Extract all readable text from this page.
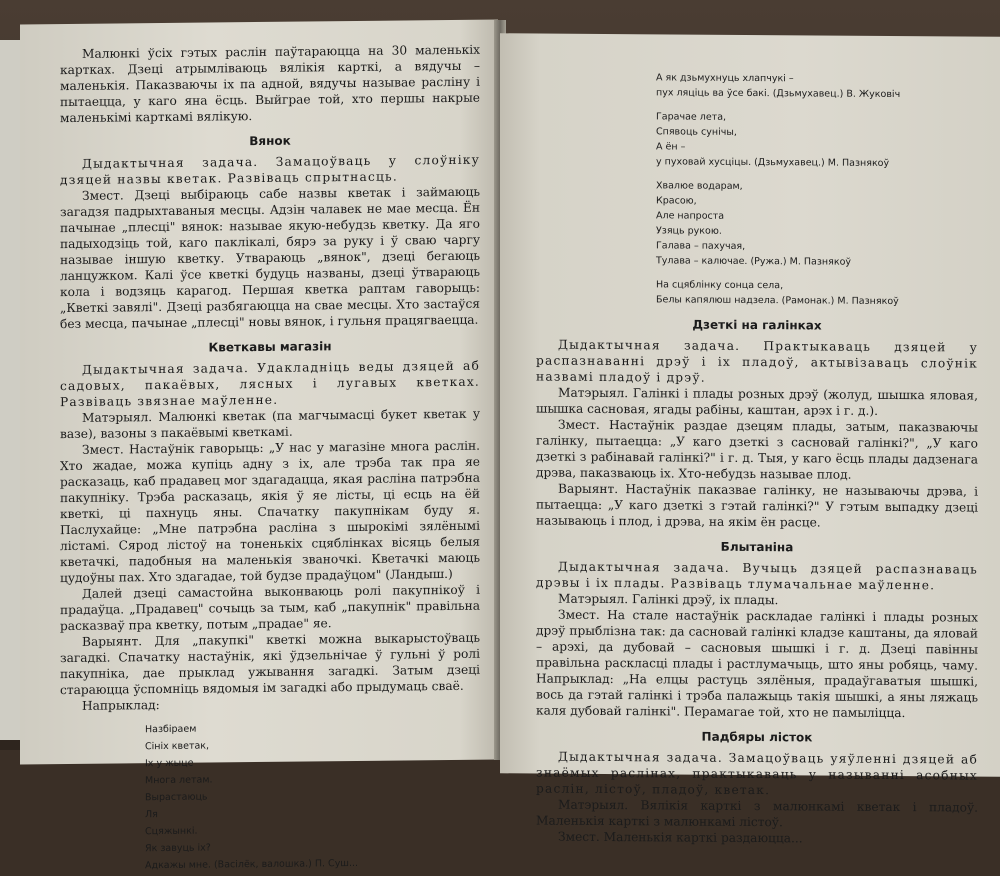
Малюнкі ўсіх гэтых раслін паўтараюцца на 30 маленькіх картках. Дзеці атрымліваюць вялікія карткі, а вядучы – маленькія. Паказваючы іх па адной, вядучы называе расліну і пытаецца, у каго яна ёсць. Выйграе той, хто першы накрые маленькімі карткамі вялікую.

Вянок

Дыдактычная задача. Замацоўваць у слоўніку дзяцей назвы кветак. Развіваць спрытнасць.

Змест. Дзеці выбіраюць сабе назвы кветак і займаюць загадзя падрыхтаваныя месцы. Адзін чалавек не мае месца. Ён пачынае „плесці" вянок: называе якую-небудзь кветку. Да яго падыходзіць той, каго паклікалі, бярэ за руку і ў сваю чаргу называе іншую кветку. Утвараюць „вянок", дзеці бегаюць ланцужком. Калі ўсе кветкі будуць названы, дзеці ўтвараюць кола і водзяць карагод. Першая кветка раптам гаворыць: „Кветкі завялі". Дзеці разбягаюцца на свае месцы. Хто застаўся без месца, пачынае „плесці" новы вянок, і гульня працягваецца.

Кветкавы магазін

Дыдактычная задача. Удакладніць веды дзяцей аб садовых, пакаёвых, лясных і лугавых кветках. Развіваць звязнае маўленне.

Матэрыял. Малюнкі кветак (па магчымасці букет кветак у вазе), вазоны з пакаёвымі кветкамі.

Змест. Настаўнік гаворыць: „У нас у магазіне многа раслін. Хто жадае, можа купіць адну з іх, але трэба так пра яе расказаць, каб прадавец мог здагадацца, якая расліна патрэбна пакупніку. Трэба расказаць, якія ў яе лісты, ці есць на ёй кветкі, ці пахнуць яны. Спачатку пакупнікам буду я. Паслухайце: „Мне патрэбна расліна з шырокімі зялёнымі лістамі. Сярод лістоў на тоненькіх сцяблінках вісяць белыя кветачкі, падобныя на маленькія званочкі. Кветачкі маюць цудоўны пах. Хто здагадае, той будзе прадаўцом" (Ландыш.)

Далей дзеці самастойна выконваюць ролі пакупнікоў і прадаўца. „Прадавец" сочыць за тым, каб „пакупнік" правільна расказваў пра кветку, потым „прадае" яе.

Варыянт. Для „пакупкі" кветкі можна выкарыстоўваць загадкі. Спачатку настаўнік, які ўдзельнічае ў гульні ў ролі пакупніка, дае прыклад ужывання загадкі. Затым дзеці стараюцца ўспомніць вядомыя ім загадкі або прыдумаць сваё.

Напрыклад:

Назбіраем
Сініх кветак,
Іх у жыце
Многа летам.
Вырастаюць
Ля
Сцяжынкі.
Як завуць іх?
Адкажы мне. (Васілёк, валошка.) П. Суш...
А як дзьмухнуць хлапчукі –
пух ляціць ва ўсе бакі. (Дзьмухавец.) В. Жуковіч
Гарачае лета,
Спявоць сунічы,
А ён –
у пуховай хусціцы. (Дзьмухавец.) М. Пазнякоў
Хвалюе водарам,
Красою,
Але напроста
Узяць рукою.
Галава – пахучая,
Тулава – калючае. (Ружа.) М. Пазнякоў
На сцяблінку сонца села,
Белы капялюш надзела. (Рамонак.) М. Пазнякоў
Дзеткі на галінках

Дыдактычная задача. Практыкаваць дзяцей у распазнаванні дрэў і іх пладоў, актывізаваць слоўнік назвамі пладоў і дрэў.

Матэрыял. Галінкі і плады розных дрэў (жолуд, шышка яловая, шышка сасновая, ягады рабіны, каштан, арэх і г. д.).

Змест. Настаўнік раздае дзецям плады, затым, паказваючы галінку, пытаецца: „У каго дзеткі з сасновай галінкі?", „У каго дзеткі з рабінавай галінкі?" і г. д. Тыя, у каго ёсць плады дадзенага дрэва, паказваюць іх. Хто-небудзь называе плод.

Варыянт. Настаўнік паказвае галінку, не называючы дрэва, і пытаецца: „У каго дзеткі з гэтай галінкі?" У гэтым выпадку дзеці называюць і плод, і дрэва, на якім ён расце.

Блытаніна

Дыдактычная задача. Вучыць дзяцей распазнаваць дрэвы і іх плады. Развіваць тлумачальнае маўленне.

Матэрыял. Галінкі дрэў, іх плады.

Змест. На стале настаўнік раскладае галінкі і плады розных дрэў прыблізна так: да сасновай галінкі кладзе каштаны, да яловай – арэхі, да дубовай – сасновыя шышкі і г. д. Дзеці павінны правільна раскласці плады і растлумачыць, што яны робяць, чаму. Напрыклад: „На елцы растуць зялёныя, прадаўгаватыя шышкі, вось да гэтай галінкі і трэба палажыць такія шышкі, а яны ляжаць каля дубовай галінкі". Перамагае той, хто не памыліцца.

Падбяры лісток

Дыдактычная задача. Замацоўваць уяўленні дзяцей аб знаёмых раслінах, практыкаваць у называнні асобных раслін, лістоў, пладоў, кветак.

Матэрыял. Вялікія карткі з малюнкамі кветак і пладоў. Маленькія карткі з малюнкамі лістоў.

Змест. Маленькія карткі раздаюцца...
